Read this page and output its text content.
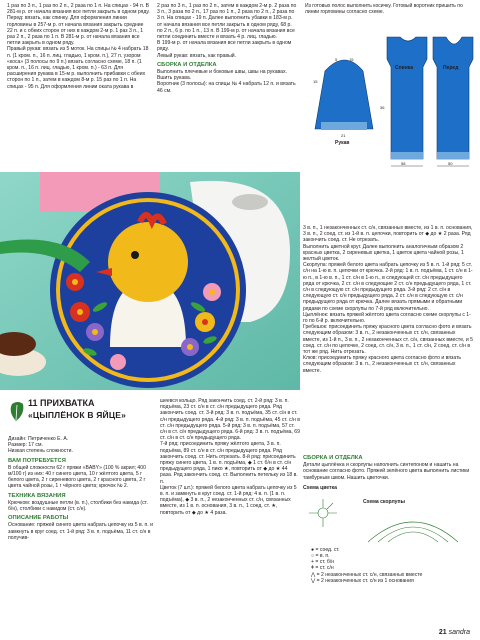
1 раз по 3 п., 1 раз по 2 п., 2 раза по 1 п. На спицах - 94 п. В 281-м р. от начала вязания все петли закрыть в одном ряду.

Перед: вязать, как спинку. Для оформления линии горловины в 257-м р. от начала вязания закрыть средние 22 п. и с обеих сторон от них в каждом 2-м р. 1 раз 3 п., 1 раз 2 п., 2 раза по 1 п. В 281-м р. от начала вязания все петли закрыть в одном ряду.

Правый рукав: вязать из 5 моток. На спицы № 4 набрать 18 п. (1 кром. п., 16 п. лиц. гладью, 1 кром. п.), 27 п. узором «коса» (3 полосы по 9 п.) вязать согласно схеме, 18 п. (1 кром. п., 16 п. лиц. гладью, 1 кром. п.) - 63 п. Для расширения рукава в 15-м р. выполнить прибавки с обеих сторон по 1 п., затем в каждом 8-м р. 15 раз по 1 п. На спицах - 95 п. Для оформления линии оката рукава в

2 раз по 3 п., 1 раз по 2 п., затем в каждом 2-м р. 2 раза по 3 п., 3 раза по 2 п., 17 раз по 1 п., 2 раза по 2 п., 2 раза по 3 п. На спицах - 19 п. Далее выполнить убавки в 183-м р. от начала вязания все петли закрыть в одном ряду, 68 р. по 2 п., 6 р. по 1 п., 13 п. В 199-м р. от начала вязания все петли соединить вместе и вязать 4 р. лиц. гладью.

В 199-м р. от начала вязания все петли закрыть в одном ряду.

Левый рукав: вязать, как правый.

СБОРКА И ОТДЕЛКА

Выполнить плечевые и боковые швы, швы на рукавах. Вшить рукава.

Воротник (3 полосы): на спицы № 4 набрать 12 п. и вязать 46 см.

Из готовых полос выполнить косичку. Готовый воротник пришить по линии горловины согласно схеме.
Рукав
15
5	15
21
Спинка	Перед
58
36
50

3 в. п., 1 незаконченных ст. с/н, связанных вместе, из 1 в. п. основания, 3 в. п., 2 соед. ст. из 1-й в. п. цепочки, повторить от ◆ до ★ 2 раза. Ряд закончить соед. ст. Не отрезать.

Выполнить цветной круг. Далее выполнить аналогичным образом 2 красных цветка, 2 сиреневых цветка, 1 цветок цвета чайной розы, 1 желтый цветок.

Скорлупа: пряжей белого цвета набрать цепочку из 5 в. п. 1-й ряд: 5 ст. с/н на 1-ю в. п. цепочки от крючка. 2-й ряд: 1 в. п. подъёма, 1 ст. с/н в 1-ю п., в 1-ю в. п., 1 ст. с/н в 1-ю п., в следующей ст. с/н предыдущего ряда от крючка, 2 ст. с/н в следующие 2 ст. с/н предыдущего ряда, 1 ст. с/н в следующую ст. с/н предыдущего ряда. 3-й ряд: 2 ст. с/н в следующую ст. с/н предыдущего ряда, 2 ст. с/н в следующую ст. с/н предыдущего ряда от крючка. Далее вязать прямыми и обратными рядами по схеме скорлупы по 7-й ряд включительно.

Цыплёнок: вязать пряжей жёлтого цвета согласно схеме скорлупы с 1-го по 6-й р. включительно.

Гребешок: присоединить пряжу красного цвета согласно фото и вязать следующим образом: 3 в. п., 2 незаконченных ст. с/н, связанных вместе, из 1-й п., 3 в. п., 2 незаконченных ст. с/н, связанных вместе, и 5 соед. ст. с/н по цепочке, 2 соед. ст. с/н, 3 в. п., 1 ст. с/н, 2 соед. ст. с/н в тот же ряд. Нить отрезать.

Клюв: присоединить пряжу красного цвета согласно фото и вязать следующим образом: 3 в. п., 2 незаконченных ст. с/н, связанных вместе.

11 ПРИХВАТКА
«ЦЫПЛЁНОК В ЯЙЦЕ»

Дизайн: Петриченко Е. А.

Размер: 17 см.

Низкая степень сложности.

ВАМ ПОТРЕБУЕТСЯ

В общей сложности 62 г пряжи «BABY» (100 % акрил; 400 м/100 г) из них: 40 г синего цвета, 10 г жёлтого цвета, 5 г белого цвета, 2 г сиреневого цвета, 2 г красного цвета, 2 г цвета чайной розы, 1 г чёрного цвета; крючок № 2.

ТЕХНИКА ВЯЗАНИЯ

Крючком: воздушные петли (в. п.), столбики без накида (ст. б/н), столбики с накидом (ст. с/н).

ОПИСАНИЕ РАБОТЫ

Основание: пряжей синего цвета набрать цепочку из 5 в. п. и замкнуть в круг соед. ст. 1-й ряд: 3 в. п. подъёма, 11 ст. с/н в получив-

шеевся кольцо. Ряд закончить соед. ст. 2-й ряд: 3 в. п. подъёма, 23 ст. с/н в ст. с/н предыдущего ряда. Ряд закончить соед. ст. 3-й ряд: 3 в. п. подъёма, 35 ст. с/н в ст. с/н предыдущего ряда. 4-й ряд: 3 в. п. подъёма, 45 ст. с/н в ст. с/н предыдущего ряда. 5-й ряд: 3 в. п. подъёма, 57 ст. с/н в ст. с/н предыдущего ряда. 6-й ряд: 3 в. п. подъёма, 69 ст. с/н в ст. с/н предыдущего ряда.

7-й ряд: присоединить пряжу жёлтого цвета, 3 в. п. подъёма, 89 ст. с/н в ст. с/н предыдущего ряда. Ряд закончить соед. ст. Нить отрезать. 8-й ряд: присоединить пряжу синего цвета, 1 в. п. подъёма, ◆ 1 ст. б/н в ст. с/н предыдущего ряда, 1 пико ★, повторить от ◆ до ★ 44 раза. Ряд закончить соед. ст. Выполнить петельку из 18 в. п.

Цветок (7 шт.): пряжей белого цвета набрать цепочку из 5 в. п. и замкнуть в круг соед. ст. 1-й ряд: 4 в. п. (1 в. п. подъёма), ◆ 3 в. п., 2 незаконченных ст. с/н, связанных вместе, из 1 в. п. основания, 3 в. п., 1 соед. ст. ★, повторить от ◆ до ★ 4 раза.

СБОРКА И ОТДЕЛКА

Детали цыплёнка и скорлупы наполнить синтепоном и нашить на основание согласно фото. Пряжей зелёного цвета выполнить листики тамбурным швом. Нашить цветочки.

Схема цветка
Схема скорлупы
● = соед. ст.
○ = в. п.
+ = ст. б/н
ǂ = ст. с/н
⋀ = 2 незаконченных ст. с/н, связанных вместе
⋁ = 2 незаконченных ст. с/н из 1 основания
21 sandra
